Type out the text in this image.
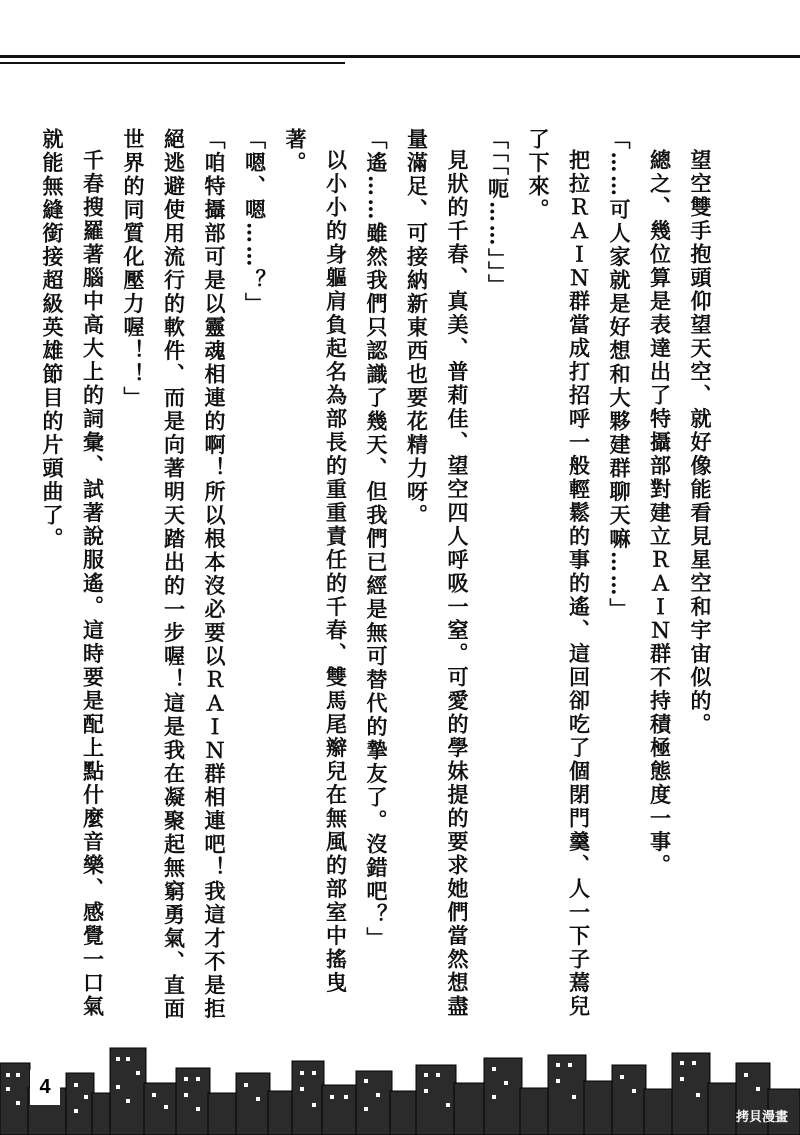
望空雙手抱頭仰望天空、就好像能看見星空和宇宙似的。

總之、幾位算是表達出了特攝部對建立ＲＡＩＮ群不持積極態度一事。

「……可人家就是好想和大夥建群聊天嘛……」

把拉ＲＡＩＮ群當成打招呼一般輕鬆的事的遙、這回卻吃了個閉門羹、人一下子蔫兒了下來。

「「「呃……」」」

見狀的千春、真美、普莉佳、望空四人呼吸一窒。可愛的學妹提的要求她們當然想盡量滿足、可接納新東西也要花精力呀。

「遙……雖然我們只認識了幾天、但我們已經是無可替代的摯友了。沒錯吧？」

以小小的身軀肩負起名為部長的重重責任的千春、雙馬尾辮兒在無風的部室中搖曳著。

「嗯、嗯……？」

「咱特攝部可是以靈魂相連的啊！所以根本沒必要以ＲＡＩＮ群相連吧！我這才不是拒絕逃避使用流行的軟件、而是向著明天踏出的一步喔！這是我在凝聚起無窮勇氣、直面世界的同質化壓力喔！！」

千春搜羅著腦中高大上的詞彙、試著說服遙。這時要是配上點什麼音樂、感覺一口氣就能無縫銜接超級英雄節目的片頭曲了。

4
拷貝漫畫
